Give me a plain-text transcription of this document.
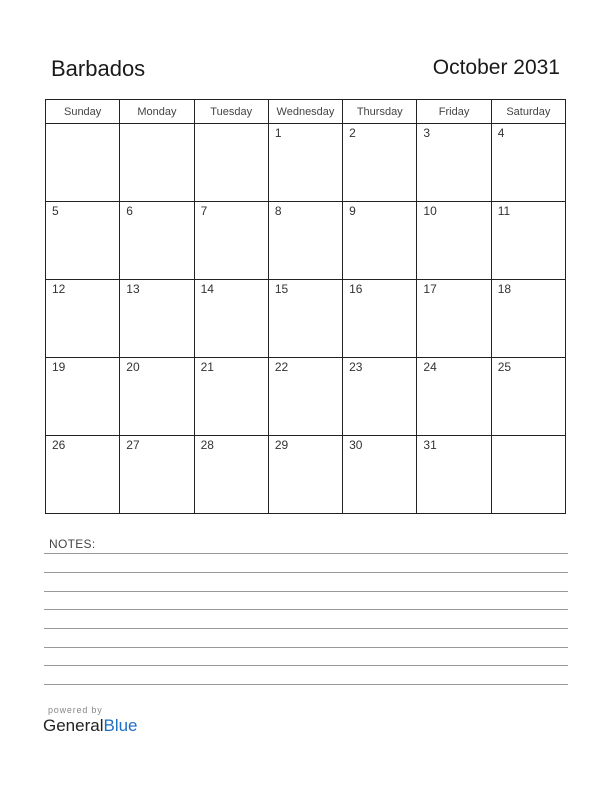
Barbados	October 2031
Sunday	Monday	Tuesday	Wednesday	Thursday	Friday	Saturday

			1	2	3	4

5	6	7	8	9	10	11

12	13	14	15	16	17	18

19	20	21	22	23	24	25

26	27	28	29	30	31	

NOTES:
powered by
GeneralBlue
